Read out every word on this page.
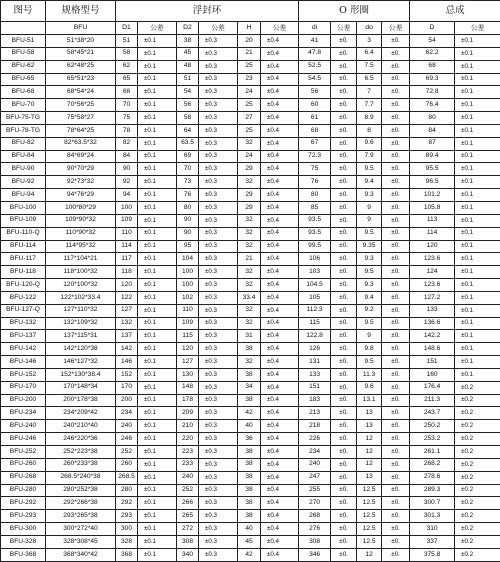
图号	规格型号	浮封环						O 形圈				总成	
	BFU	D1	公差	D2	公差	H	公差	di	公差	do	公差	D	公差
BFU-51	51*38*20	51	±0.1	38	±0.3	20	±0.4	41	±0.	3	±0.	54	±0.1
BFU-58	58*45*21	58	±0.1	45	±0.3	21	±0.4	47.8	±0.	6.4	±0.	62.2	±0.1
BFU-62	62*48*25	62	±0.1	48	±0.3	25	±0.4	52.5	±0.	7.5	±0.	68	±0.1
BFU-65	65*51*23	65	±0.1	51	±0.3	23	±0.4	54.5	±0.	6.5	±0.	69.3	±0.1
BFU-68	68*54*24	68	±0.1	54	±0.3	24	±0.4	56	±0.	7	±0.	72.8	±0.1
BFU-70	70*56*25	70	±0.1	56	±0.3	25	±0.4	60	±0.	7.7	±0.	76.4	±0.1
BFU-75-TG	75*58*27	75	±0.1	58	±0.3	27	±0.4	61	±0.	8.9	±0.	80	±0.1
BFU-78-TG	78*64*25	78	±0.1	64	±0.3	25	±0.4	68	±0.	8	±0.	84	±0.1
BFU-82	82*63.5*32	82	±0.1	63.5	±0.3	32	±0.4	67	±0.	9.6	±0.	87	±0.1
BFU-84	84*69*24	84	±0.1	69	±0.3	24	±0.4	72.3	±0.	7.9	±0.	89.4	±0.1
BFU-90	90*70*29	90	±0.1	70	±0.3	29	±0.4	75	±0.	9.5	±0.	95.5	±0.1
BFU-92	92*73*32	92	±0.1	73	±0.3	32	±0.4	76	±0.	9.4	±0.	96.5	±0.1
BFU-94	94*76*29	94	±0.1	76	±0.3	29	±0.4	80	±0.	9.3	±0.	101.2	±0.1
BFU-100	100*80*29	100	±0.1	80	±0.3	29	±0.4	85	±0.	9	±0.	105.8	±0.1
BFU-109	109*90*32	109	±0.1	90	±0.3	32	±0.4	93.5	±0.	9	±0.	113	±0.1
BFU-110-Q	110*90*32	110	±0.1	90	±0.3	32	±0.4	93.5	±0.	9.5	±0.	114	±0.1
BFU-114	114*95*32	114	±0.1	95	±0.3	32	±0.4	99.5	±0.	9.35	±0.	120	±0.1
BFU-117	117*104*21	117	±0.1	104	±0.3	21	±0.4	106	±0.	9.3	±0.	123.6	±0.1
BFU-118	118*100*32	118	±0.1	100	±0.3	32	±0.4	103	±0.	9.5	±0.	124	±0.1
BFU-120-Q	120*100*32	120	±0.1	100	±0.3	32	±0.4	104.5	±0.	9.3	±0.	123.6	±0.1
BFU-122	122*102*33.4	122	±0.1	102	±0.3	33.4	±0.4	105	±0.	9.4	±0.	127.2	±0.1
BFU-127-Q	127*110*32	127	±0.1	110	±0.3	32	±0.4	112.3	±0.	9.2	±0.	133	±0.1
BFU-132	132*109*32	132	±0.1	109	±0.3	32	±0.4	115	±0.	9.5	±0.	136.6	±0.1
BFU-137	137*115*31	137	±0.1	115	±0.3	31	±0.4	122.8	±0.	9	±0.	142.2	±0.1
BFU-142	142*120*38	142	±0.1	120	±0.3	38	±0.4	126	±0.	9.8	±0.	148.6	±0.1
BFU-146	146*127*32	146	±0.1	127	±0.3	32	±0.4	131	±0.	9.5	±0.	151	±0.1
BFU-152	152*130*38.4	152	±0.1	130	±0.3	38	±0.4	133	±0.	11.3	±0.	160	±0.1
BFU-170	170*148*34	170	±0.1	148	±0.3	34	±0.4	151	±0.	9.6	±0.	176.4	±0.2
BFU-200	200*178*38	200	±0.1	178	±0.3	38	±0.4	183	±0.	13.1	±0.	211.3	±0.2
BFU-234	234*209*42	234	±0.1	209	±0.3	42	±0.4	213	±0.	13	±0.	243.7	±0.2
BFU-240	240*210*40	240	±0.1	210	±0.3	40	±0.4	218	±0.	13	±0.	250.2	±0.2
BFU-246	246*220*36	246	±0.1	220	±0.3	36	±0.4	226	±0.	12	±0.	253.2	±0.2
BFU-252	252*223*38	252	±0.1	223	±0.3	38	±0.4	234	±0.	12	±0.	261.1	±0.2
BFU-260	260*233*38	260	±0.1	233	±0.3	38	±0.4	240	±0.	12	±0.	268.2	±0.2
BFU-268	268.5*240*38	268.5	±0.1	240	±0.3	38	±0.4	247	±0.	13	±0.	278.6	±0.2
BFU-280	280*252*38	280	±0.1	252	±0.3	38	±0.4	255	±0.	12.5	±0.	289.3	±0.2
BFU-292	292*266*38	292	±0.1	266	±0.3	38	±0.4	270	±0.	12.5	±0.	300.7	±0.2
BFU-293	293*265*38	293	±0.1	265	±0.3	38	±0.4	268	±0.	12.5	±0.	301.3	±0.2
BFU-300	300*272*40	300	±0.1	272	±0.3	40	±0.4	276	±0.	12.5	±0.	310	±0.2
BFU-328	328*308*45	328	±0.1	308	±0.3	45	±0.4	308	±0.	12.5	±0.	337	±0.2
BFU-368	368*340*42	368	±0.1	340	±0.3	42	±0.4	346	±0.	12	±0.	375.8	±0.2
